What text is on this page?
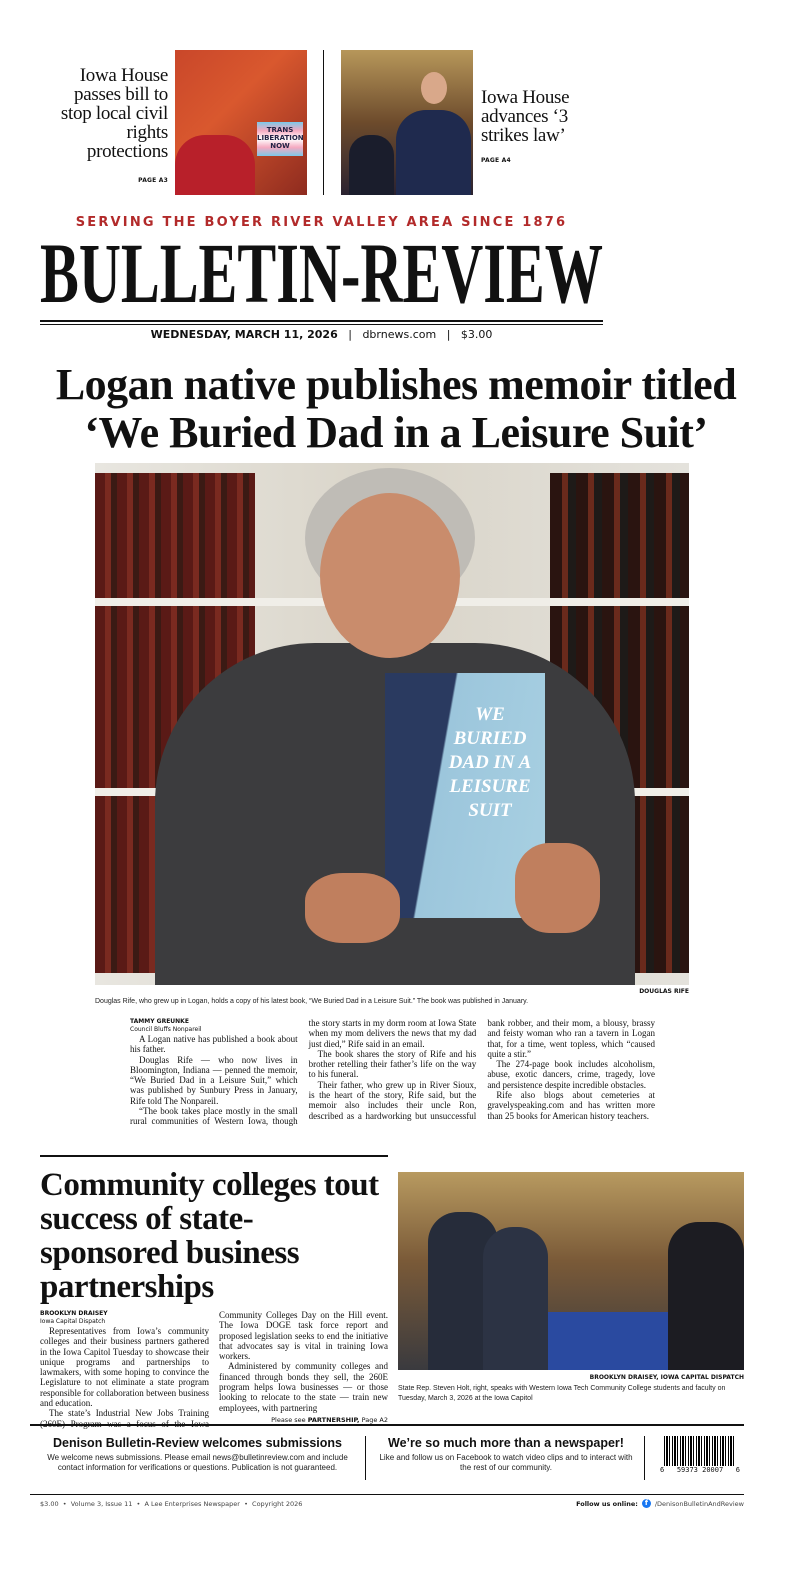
Iowa House passes bill to stop local civil rights protections
PAGE A3
TRANS LIBERATION NOW
Iowa House advances ‘3 strikes law’
PAGE A4
SERVING THE BOYER RIVER VALLEY AREA SINCE 1876
BULLETIN-REVIEW
WEDNESDAY, MARCH 11, 2026   |   dbrnews.com   |   $3.00
Logan native publishes memoir titled ‘We Buried Dad in a Leisure Suit’
WE BURIED DAD IN A LEISURE SUIT
DOUGLAS RIFE
Douglas Rife, who grew up in Logan, holds a copy of his latest book, “We Buried Dad in a Leisure Suit.” The book was published in January.
TAMMY GREUNKE
Council Bluffs Nonpareil

A Logan native has published a book about his father.

Douglas Rife — who now lives in Bloomington, Indiana — penned the memoir, “We Buried Dad in a Leisure Suit,” which was published by Sunbury Press in January, Rife told The Nonpareil.

“The book takes place mostly in the small rural communities of Western Iowa, though the story starts in my dorm room at Iowa State when my mom delivers the news that my dad just died,” Rife said in an email.

The book shares the story of Rife and his brother retelling their father’s life on the way to his funeral.

Their father, who grew up in River Sioux, is the heart of the story, Rife said, but the memoir also includes their uncle Ron, described as a hardworking but unsuccessful bank robber, and their mom, a blousy, brassy and feisty woman who ran a tavern in Logan that, for a time, went topless, which “caused quite a stir.”

The 274-page book includes alcoholism, abuse, exotic dancers, crime, tragedy, love and persistence despite incredible obstacles.

Rife also blogs about cemeteries at gravelyspeaking.com and has written more than 25 books for American history teachers.

Community colleges tout success of state-sponsored business partnerships
BROOKLYN DRAISEY
Iowa Capital Dispatch

Representatives from Iowa’s community colleges and their business partners gathered in the Iowa Capitol Tuesday to showcase their unique programs and partnerships to lawmakers, with some hoping to convince the Legislature to not eliminate a state program responsible for collaboration between business and education.

The state’s Industrial New Jobs Training Community Colleges Day on the Hill event. The Iowa DOGE task force report and proposed legislation seeks to end the initiative that advocates say is vital in training Iowa workers.

Administered by community colleges and financed through bonds they sell, the 260E program helps Iowa businesses — or those looking to relocate to the state — train new employees, with partnering

Please see PARTNERSHIP, Page A2
BROOKLYN DRAISEY, IOWA CAPITAL DISPATCH
State Rep. Steven Holt, right, speaks with Western Iowa Tech Community College students and faculty on Tuesday, March 3, 2026 at the Iowa Capitol
Denison Bulletin-Review welcomes submissions

We welcome news submissions. Please email news@bulletinreview.com and include contact information for verifications or questions. Publication is not guaranteed.

We’re so much more than a newspaper!

Like and follow us on Facebook to watch video clips and to interact with the rest of our community.	6 59373 20007 6
$3.00  •  Volume 3, Issue 11  •  A Lee Enterprises Newspaper  •  Copyright 2026	Follow us online: f	/DenisonBulletinAndReview
